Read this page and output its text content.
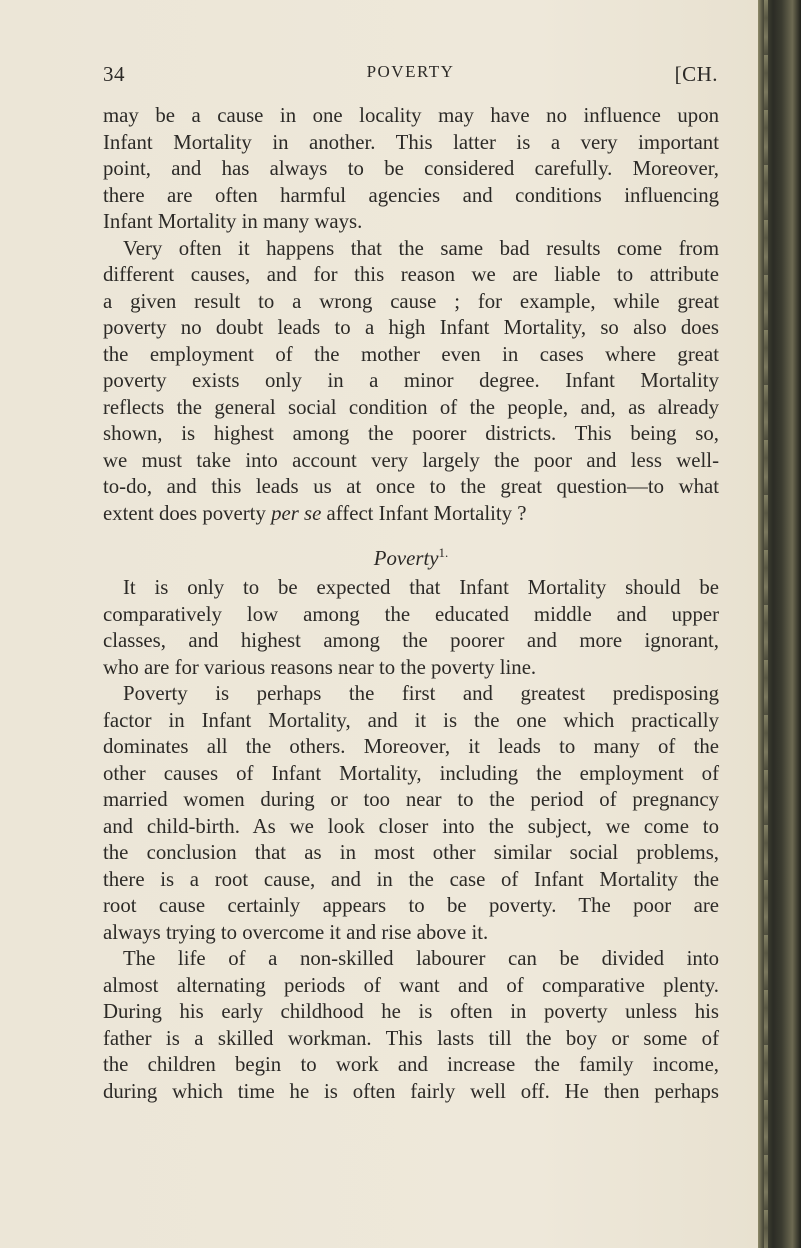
34	POVERTY	[CH.
may be a cause in one locality may have no influence upon
Infant Mortality in another. This latter is a very important
point, and has always to be considered carefully. Moreover,
there are often harmful agencies and conditions influencing
Infant Mortality in many ways.
Very often it happens that the same bad results come from
different causes, and for this reason we are liable to attribute
a given result to a wrong cause ; for example, while great
poverty no doubt leads to a high Infant Mortality, so also does
the employment of the mother even in cases where great
poverty exists only in a minor degree. Infant Mortality
reflects the general social condition of the people, and, as already
shown, is highest among the poorer districts. This being so,
we must take into account very largely the poor and less well-
to-do, and this leads us at once to the great question—to what
extent does poverty per se affect Infant Mortality ?
Poverty$^{1.}$
It is only to be expected that Infant Mortality should be
comparatively low among the educated middle and upper
classes, and highest among the poorer and more ignorant,
who are for various reasons near to the poverty line.
Poverty is perhaps the first and greatest predisposing
factor in Infant Mortality, and it is the one which practically
dominates all the others. Moreover, it leads to many of the
other causes of Infant Mortality, including the employment of
married women during or too near to the period of pregnancy
and child-birth. As we look closer into the subject, we come to
the conclusion that as in most other similar social problems,
there is a root cause, and in the case of Infant Mortality the
root cause certainly appears to be poverty. The poor are
always trying to overcome it and rise above it.
The life of a non-skilled labourer can be divided into
almost alternating periods of want and of comparative plenty.
During his early childhood he is often in poverty unless his
father is a skilled workman. This lasts till the boy or some of
the children begin to work and increase the family income,
during which time he is often fairly well off. He then perhaps
